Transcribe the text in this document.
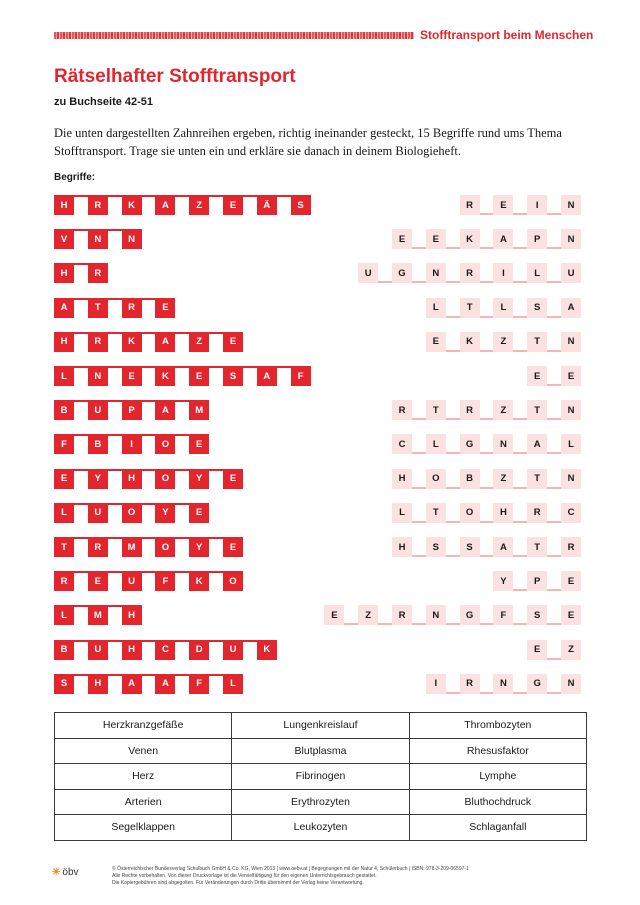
Stofftransport beim Menschen
Rätselhafter Stofftransport
zu Buchseite 42-51

Die unten dargestellten Zahnreihen ergeben, richtig ineinander gesteckt, 15 Begriffe rund ums Thema Stofftransport. Trage sie unten ein und erkläre sie danach in deinem Biologieheft.

Begriffe:
H	R	K	A	Z	E	Ä	S	R	E	I	N
V	N	N	E	E	K	A	P	N
H	R	U	G	N	R	I	L	U
A	T	R	E	L	T	L	S	A
H	R	K	A	Z	E	E	K	Z	T	N
L	N	E	K	E	S	A	F	E	E
B	U	P	A	M	R	T	R	Z	T	N
F	B	I	O	E	C	L	G	N	A	L
E	Y	H	O	Y	E	H	O	B	Z	T	N
L	U	O	Y	E	L	T	O	H	R	C
T	R	M	O	Y	E	H	S	S	A	T	R
R	E	U	F	K	O	Y	P	E
L	M	H	E	Z	R	N	G	F	S	E
B	U	H	C	D	U	K	E	Z
S	H	A	A	F	L	I	R	N	G	N
Herzkranzgefäße	Lungenkreislauf	Thrombozyten
Venen	Blutplasma	Rhesusfaktor
Herz	Fibrinogen	Lymphe
Arterien	Erythrozyten	Bluthochdruck
Segelklappen	Leukozyten	Schlaganfall
✳ öbv	© Österreichischer Bundesverlag Schulbuch GmbH & Co. KG, Wien 2013 | www.oebv.at | Begegnungen mit der Natur 4, Schülerbuch | ISBN: 978-3-209-06597-1
Alle Rechte vorbehalten. Von dieser Druckvorlage ist die Vervielfältigung für den eigenen Unterrichtsgebrauch gestattet.
Die Kopiergebühren sind abgegolten. Für Veränderungen durch Dritte übernimmt der Verlag keine Verantwortung.
